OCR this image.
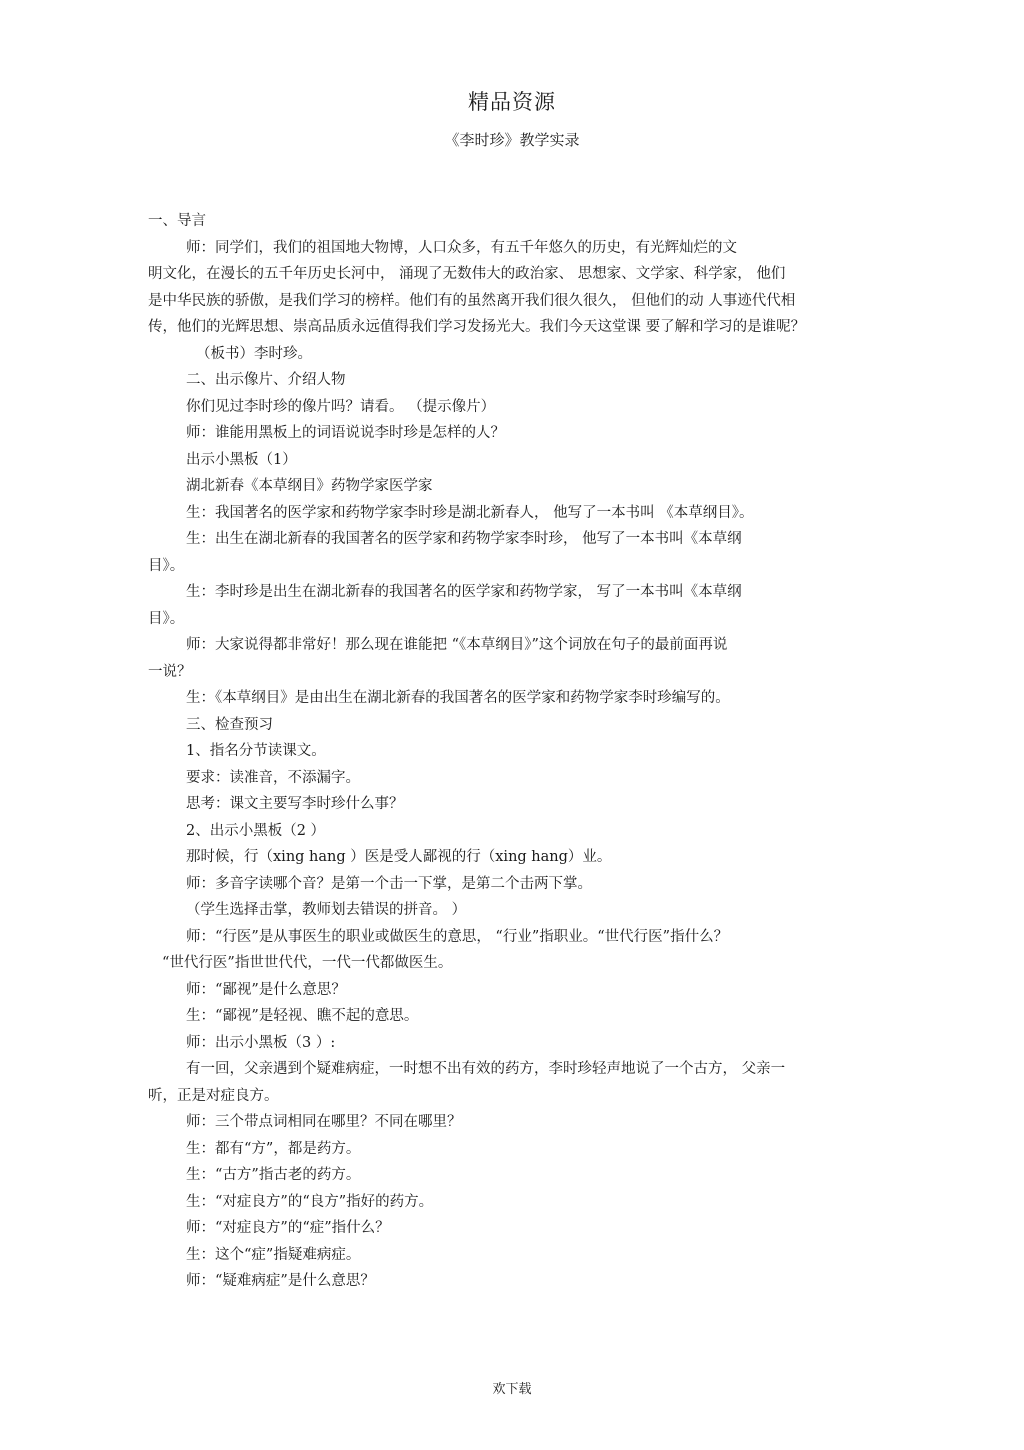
精品资源
《李时珍》教学实录
一、导言
师：同学们，我们的祖国地大物博，人口众多，有五千年悠久的历史，有光辉灿烂的文
明文化，在漫长的五千年历史长河中， 涌现了无数伟大的政治家、 思想家、文学家、科学家， 他们
是中华民族的骄傲，是我们学习的榜样。他们有的虽然离开我们很久很久， 但他们的动 人事迹代代相
传，他们的光辉思想、崇高品质永远值得我们学习发扬光大。我们今天这堂课 要了解和学习的是谁呢？
（板书）李时珍。
二、出示像片、介绍人物
你们见过李时珍的像片吗？请看。 （提示像片）
师：谁能用黑板上的词语说说李时珍是怎样的人？
出示小黑板（1）
湖北新春《本草纲目》药物学家医学家
生：我国著名的医学家和药物学家李时珍是湖北新春人， 他写了一本书叫 《本草纲目》。
生：出生在湖北新春的我国著名的医学家和药物学家李时珍， 他写了一本书叫《本草纲
目》。
生：李时珍是出生在湖北新春的我国著名的医学家和药物学家， 写了一本书叫《本草纲
目》。
师：大家说得都非常好！那么现在谁能把 “《本草纲目》”这个词放在句子的最前面再说
一说？
生：《本草纲目》是由出生在湖北新春的我国著名的医学家和药物学家李时珍编写的。
三、检查预习
1、指名分节读课文。
要求：读准音，不添漏字。
思考：课文主要写李时珍什么事？
2、出示小黑板（2 ）
那时候，行（xing hang ）医是受人鄙视的行（xing hang）业。
师：多音字读哪个音？是第一个击一下掌，是第二个击两下掌。
（学生选择击掌，教师划去错误的拼音。 ）
师：“行医”是从事医生的职业或做医生的意思， “行业”指职业。“世代行医”指什么？
“世代行医”指世世代代，一代一代都做医生。
师：“鄙视”是什么意思？
生：“鄙视”是轻视、瞧不起的意思。
师：出示小黑板（3 ）:
有一回，父亲遇到个疑难病症，一时想不出有效的药方，李时珍轻声地说了一个古方， 父亲一
听，正是对症良方。
师：三个带点词相同在哪里？不同在哪里？
生：都有“方”，都是药方。
生：“古方”指古老的药方。
生：“对症良方”的“良方”指好的药方。
师：“对症良方”的“症”指什么？
生：这个“症”指疑难病症。
师：“疑难病症”是什么意思？
欢下载
